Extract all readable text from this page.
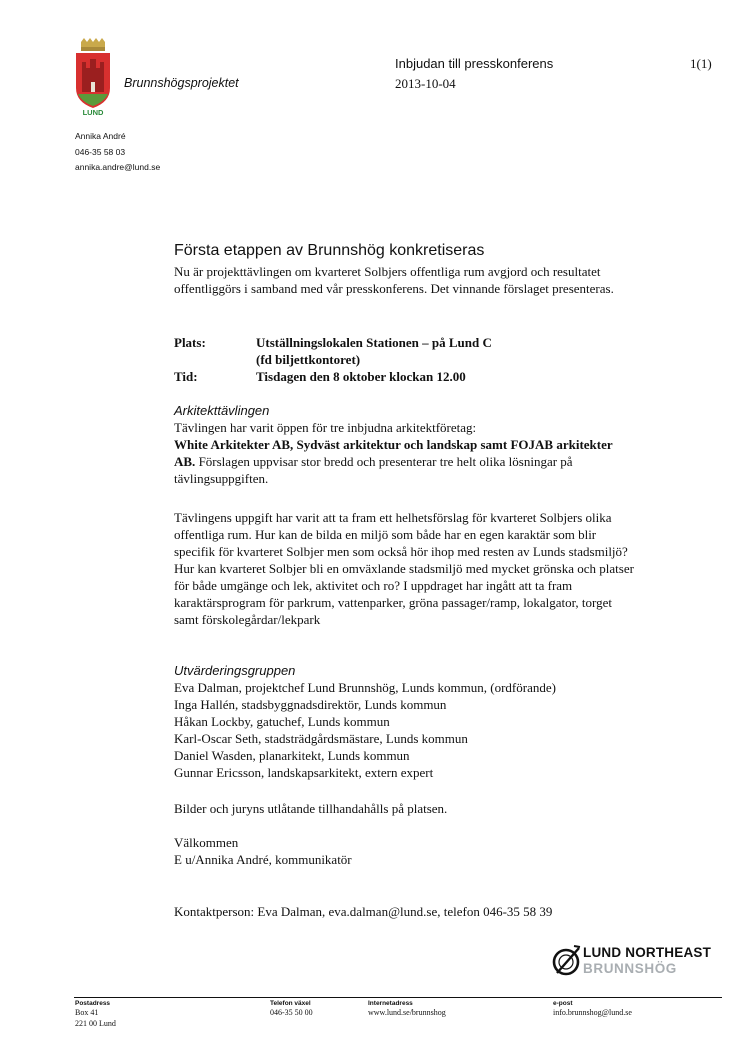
LUND
Brunnshögsprojektet
Inbjudan till presskonferens
2013-10-04
1(1)
Annika André
046-35 58 03
annika.andre@lund.se
Första etappen av Brunnshög konkretiseras
Nu är projekttävlingen om kvarteret Solbjers offentliga rum avgjord och resultatet offentliggörs i samband med vår presskonferens. Det vinnande förslaget presenteras.
Plats:	Utställningslokalen Stationen – på Lund C
(fd biljettkontoret)
Tid:	Tisdagen den 8 oktober klockan 12.00
Arkitekttävlingen
Tävlingen har varit öppen för tre inbjudna arkitektföretag:
White Arkitekter AB, Sydväst arkitektur och landskap samt FOJAB arkitekter AB. Förslagen uppvisar stor bredd och presenterar tre helt olika lösningar på tävlingsuppgiften.
Tävlingens uppgift har varit att ta fram ett helhetsförslag för kvarteret Solbjers olika offentliga rum. Hur kan de bilda en miljö som både har en egen karaktär som blir specifik för kvarteret Solbjer men som också hör ihop med resten av Lunds stadsmiljö? Hur kan kvarteret Solbjer bli en omväxlande stadsmiljö med mycket grönska och platser för både umgänge och lek, aktivitet och ro? I uppdraget har ingått att ta fram karaktärsprogram för parkrum, vattenparker, gröna passager/ramp, lokalgator, torget samt förskolegårdar/lekpark
Utvärderingsgruppen
Eva Dalman, projektchef Lund Brunnshög, Lunds kommun, (ordförande)
Inga Hallén, stadsbyggnadsdirektör, Lunds kommun
Håkan Lockby, gatuchef, Lunds kommun
Karl-Oscar Seth, stadsträdgårdsmästare, Lunds kommun
Daniel Wasden, planarkitekt, Lunds kommun
Gunnar Ericsson, landskapsarkitekt, extern expert
Bilder och juryns utlåtande tillhandahålls på platsen.
Välkommen
E u/Annika André, kommunikatör
Kontaktperson: Eva Dalman, eva.dalman@lund.se, telefon 046-35 58 39
LUND NORTHEAST
BRUNNSHÖG
Postadress
Box 41
221 00 Lund
Telefon växel
046-35 50 00
Internetadress
www.lund.se/brunnshog
e-post
info.brunnshog@lund.se
